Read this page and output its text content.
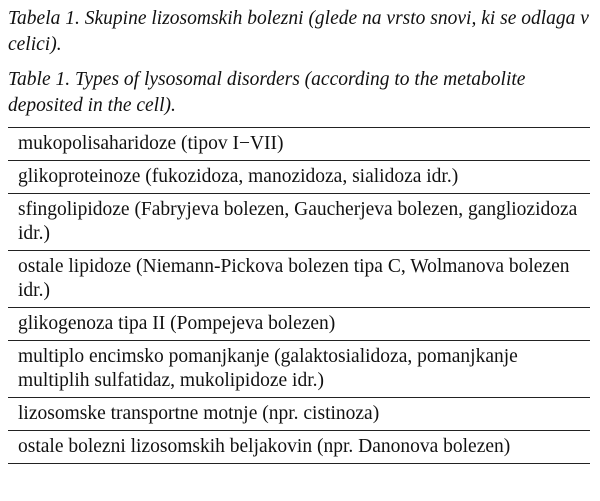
Tabela 1. Skupine lizosomskih bolezni (glede na vrsto snovi, ki se odlaga v celici).

Table 1. Types of lysosomal disorders (according to the metabolite deposited in the cell).

mukopolisaharidoze (tipov I−VII)
glikoproteinoze (fukozidoza, manozidoza, sialidoza idr.)
sfingolipidoze (Fabryjeva bolezen, Gaucherjeva bolezen, gangliozidoza idr.)
ostale lipidoze (Niemann-Pickova bolezen tipa C, Wolmanova bolezen idr.)
glikogenoza tipa II (Pompejeva bolezen)
multiplo encimsko pomanjkanje (galaktosialidoza, pomanjkanje multiplih sulfatidaz, mukolipidoze idr.)
lizosomske transportne motnje (npr. cistinoza)
ostale bolezni lizosomskih beljakovin (npr. Danonova bolezen)
